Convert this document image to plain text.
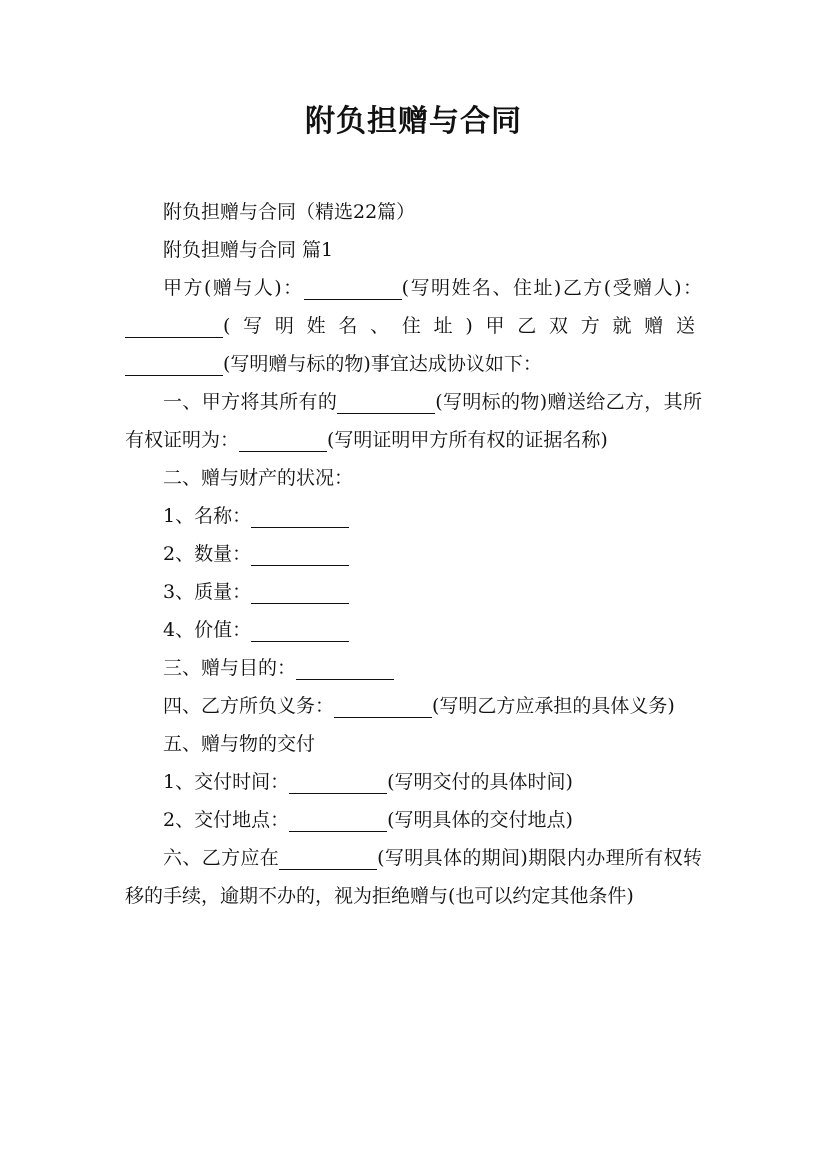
附负担赠与合同

附负担赠与合同（精选22篇）

附负担赠与合同 篇1

甲方(赠与人)：	(写明姓名、住址)乙方(受赠人)：(写明姓名、住址)甲乙双方就赠送(写明赠与标的物)事宜达成协议如下：

一、甲方将其所有的	(写明标的物)赠送给乙方，其所有权证明为：	(写明证明甲方所有权的证据名称)

二、赠与财产的状况：

1、名称：

2、数量：

3、质量：

4、价值：

三、赠与目的：

四、乙方所负义务：	(写明乙方应承担的具体义务)

五、赠与物的交付

1、交付时间：	(写明交付的具体时间)

2、交付地点：	(写明具体的交付地点)

六、乙方应在	(写明具体的期间)期限内办理所有权转移的手续，逾期不办的，视为拒绝赠与(也可以约定其他条件)
